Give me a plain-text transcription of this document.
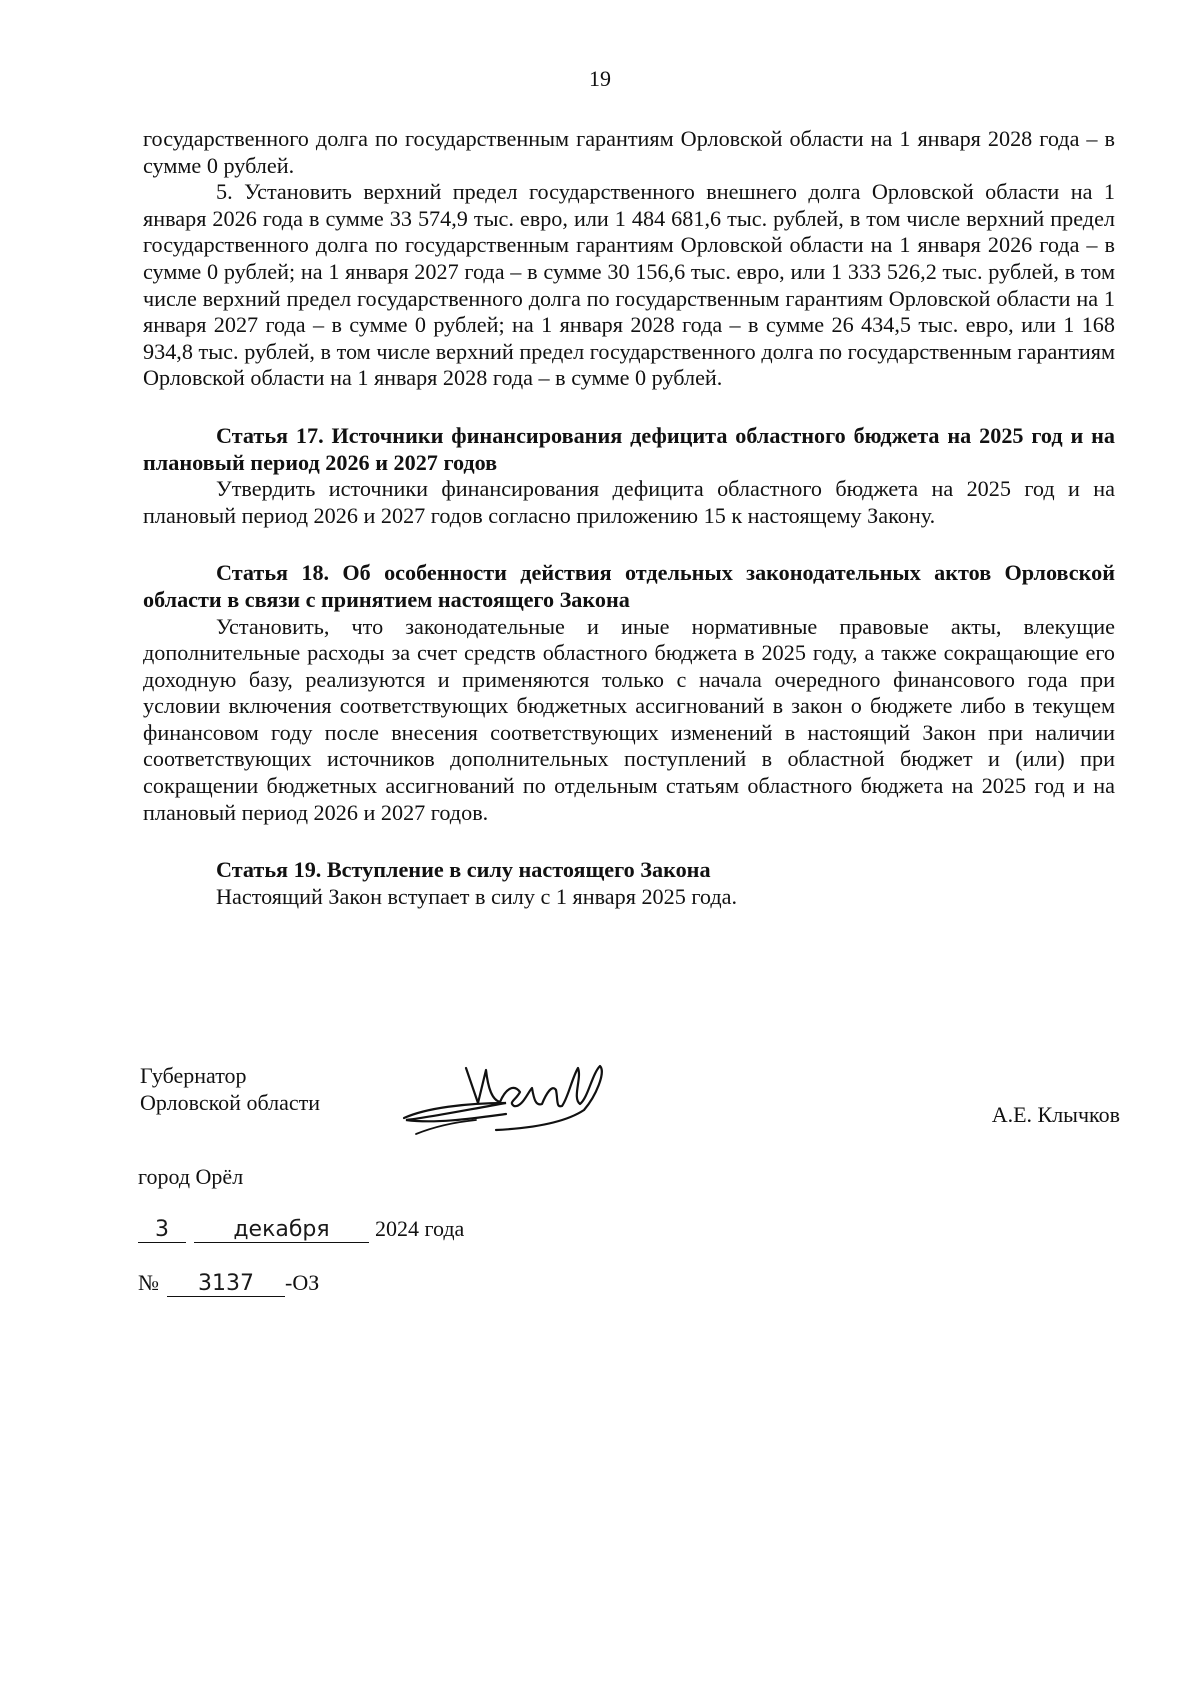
19

государственного долга по государственным гарантиям Орловской области на 1 января 2028 года – в сумме 0 рублей.

5. Установить верхний предел государственного внешнего долга Орловской области на 1 января 2026 года в сумме 33 574,9 тыс. евро, или 1 484 681,6 тыс. рублей, в том числе верхний предел государственного долга по государственным гарантиям Орловской области на 1 января 2026 года – в сумме 0 рублей; на 1 января 2027 года – в сумме 30 156,6 тыс. евро, или 1 333 526,2 тыс. рублей, в том числе верхний предел государственного долга по государственным гарантиям Орловской области на 1 января 2027 года – в сумме 0 рублей; на 1 января 2028 года – в сумме 26 434,5 тыс. евро, или 1 168 934,8 тыс. рублей, в том числе верхний предел государственного долга по государственным гарантиям Орловской области на 1 января 2028 года – в сумме 0 рублей.

Статья 17. Источники финансирования дефицита областного бюджета на 2025 год и на плановый период 2026 и 2027 годов

Утвердить источники финансирования дефицита областного бюджета на 2025 год и на плановый период 2026 и 2027 годов согласно приложению 15 к настоящему Закону.

Статья 18. Об особенности действия отдельных законодательных актов Орловской области в связи с принятием настоящего Закона

Установить, что законодательные и иные нормативные правовые акты, влекущие дополнительные расходы за счет средств областного бюджета в 2025 году, а также сокращающие его доходную базу, реализуются и применяются только с начала очередного финансового года при условии включения соответствующих бюджетных ассигнований в закон о бюджете либо в текущем финансовом году после внесения соответствующих изменений в настоящий Закон при наличии соответствующих источников дополнительных поступлений в областной бюджет и (или) при сокращении бюджетных ассигнований по отдельным статьям областного бюджета на 2025 год и на плановый период 2026 и 2027 годов.

Статья 19. Вступление в силу настоящего Закона

Настоящий Закон вступает в силу с 1 января 2025 года.

Губернатор
Орловской области	А.Е. Клычков
город Орёл
3	декабря 2024 года
№ 3137 -ОЗ
